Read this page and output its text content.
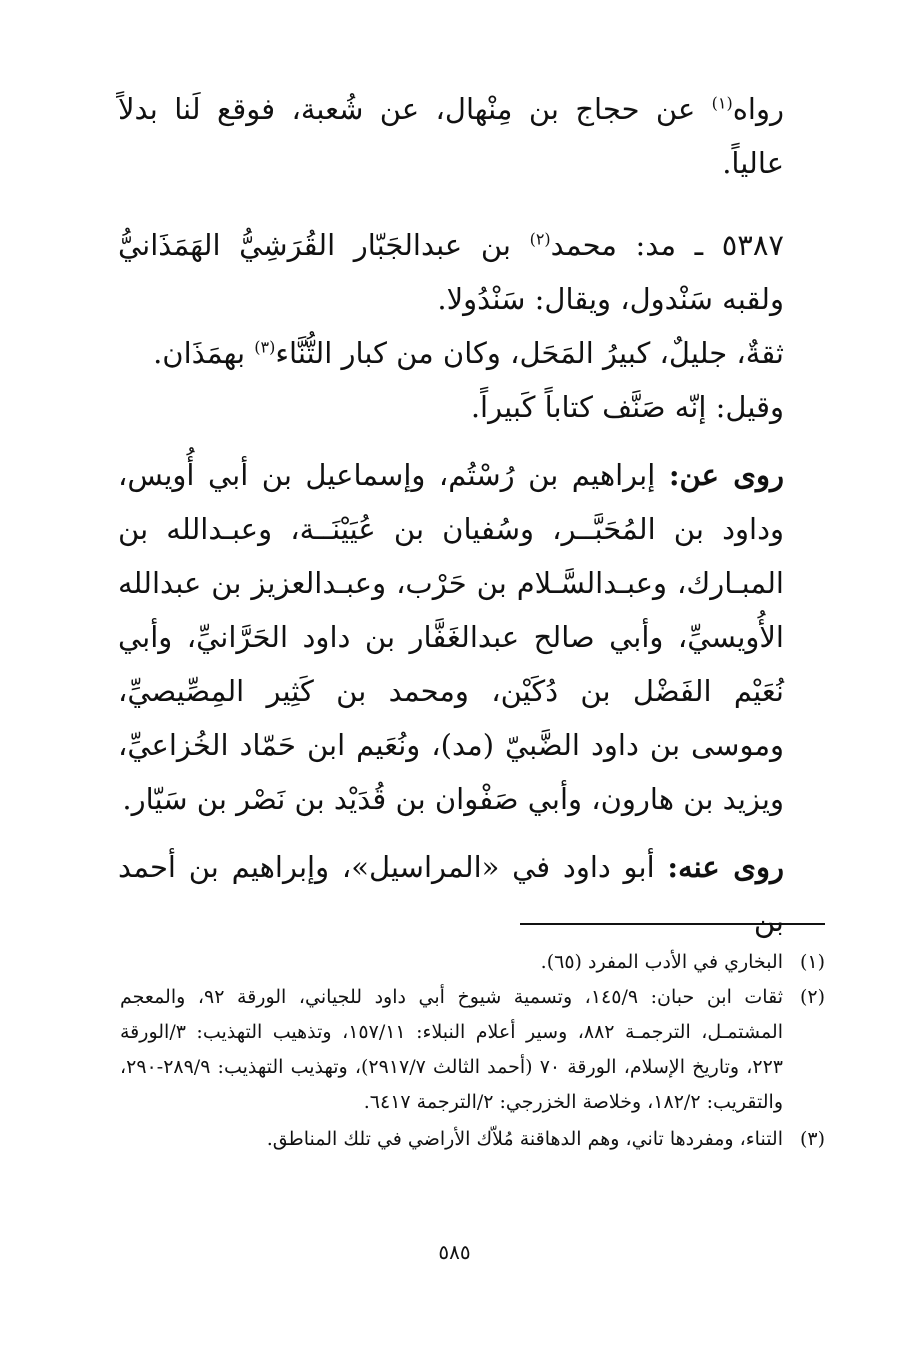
رواه$^{(١)}$ عن حجاج بن مِنْهال، عن شُعبة، فوقع لَنا بدلاً عالياً.

٥٣٨٧ ـ مد: محمد$^{(٢)}$ بن عبدالجَبّار القُرَشِيُّ الهَمَذَانيُّ ولقبه سَنْدول، ويقال: سَنْدُولا.

ثقةٌ، جليلٌ، كبيرُ المَحَل، وكان من كبار التُّنَّاء$^{(٣)}$ بهمَذَان.

وقيل: إنّه صَنَّف كتاباً كَبيراً.

روى عن: إبراهيم بن رُسْتُم، وإسماعيل بن أبي أُويس، وداود بن المُحَبَّــر، وسُفيان بن عُيَيْنَــة، وعبـدالله بن المبـارك، وعبـدالسَّـلام بن حَرْب، وعبـدالعزيز بن عبدالله الأُويسيِّ، وأبي صالح عبدالغَفَّار بن داود الحَرَّانيِّ، وأبي نُعَيْم الفَضْل بن دُكَيْن، ومحمد بن كَثِير المِصِّيصيِّ، وموسى بن داود الضَّبيّ (مد)، ونُعَيم ابن حَمّاد الخُزاعيِّ، ويزيد بن هارون، وأبي صَفْوان بن قُدَيْد بن نَصْر بن سَيّار.

روى عنه: أبو داود في «المراسيل»، وإبراهيم بن أحمد بن

(١)
البخاري في الأدب المفرد (٦٥).
(٢)
ثقات ابن حبان: ١٤٥/٩، وتسمية شيوخ أبي داود للجياني، الورقة ٩٢، والمعجم المشتمـل، الترجمـة ٨٨٢، وسير أعلام النبلاء: ١٥٧/١١، وتذهيب التهذيب: ٣/الورقة ٢٢٣، وتاريخ الإسلام، الورقة ٧٠ (أحمد الثالث ٢٩١٧/٧)، وتهذيب التهذيب: ٢٨٩/٩-٢٩٠، والتقريب: ١٨٢/٢، وخلاصة الخزرجي: ٢/الترجمة ٦٤١٧.
(٣)
التناء، ومفردها تاني، وهم الدهاقنة مُلاّك الأراضي في تلك المناطق.
٥٨٥
